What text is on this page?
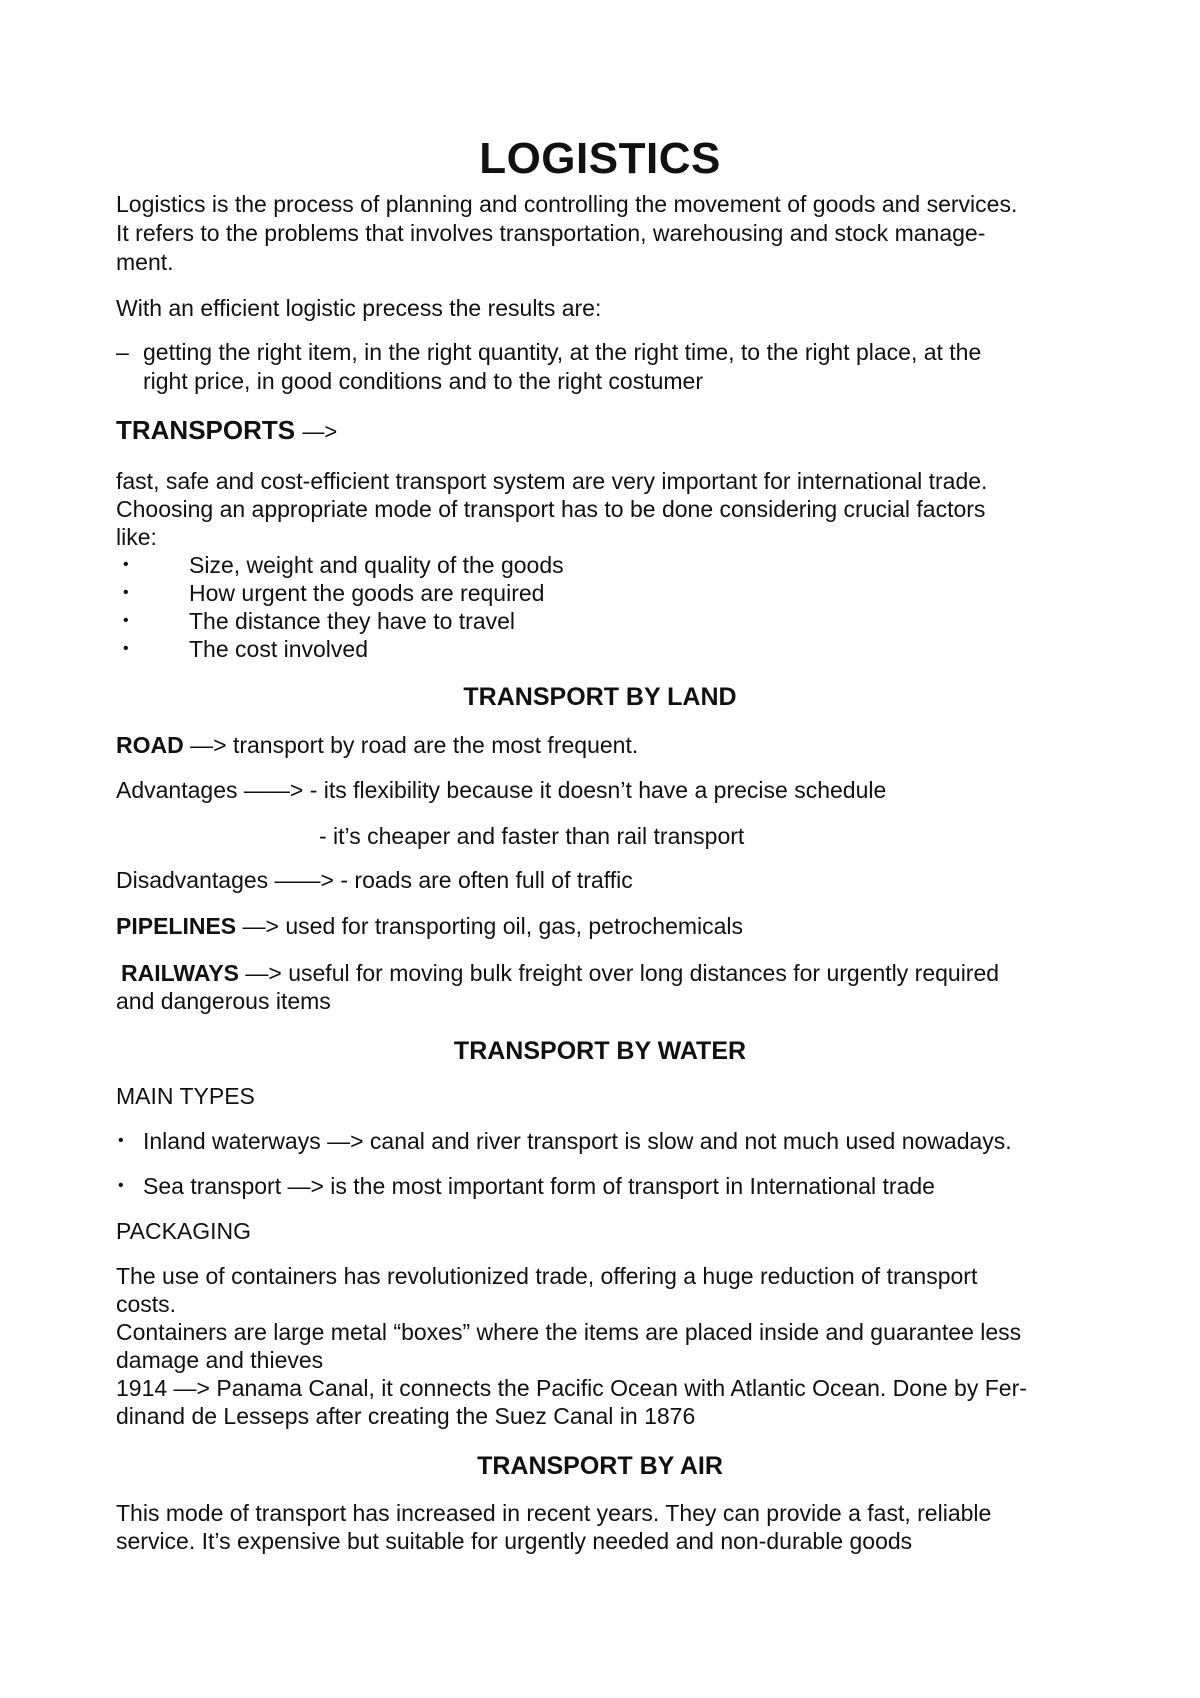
LOGISTICS

Logistics is the process of planning and controlling the movement of goods and services.

It refers to the problems that involves transportation, warehousing and stock manage-

ment.

With an efficient logistic precess the results are:

– getting the right item, in the right quantity, at the right time, to the right place, at the

right price, in good conditions and to the right costumer

TRANSPORTS —>

fast, safe and cost-efficient transport system are very important for international trade.

Choosing an appropriate mode of transport has to be done considering crucial factors

like:

•	Size, weight and quality of the goods

•	How urgent the goods are required

•	The distance they have to travel

•	The cost involved

TRANSPORT BY LAND

ROAD —> transport by road are the most frequent.

Advantages ——> - its flexibility because it doesn’t have a precise schedule

- it’s cheaper and faster than rail transport

Disadvantages ——> - roads are often full of traffic

PIPELINES —> used for transporting oil, gas, petrochemicals

RAILWAYS —> useful for moving bulk freight over long distances for urgently required

and dangerous items

TRANSPORT BY WATER

MAIN TYPES

• Inland waterways —> canal and river transport is slow and not much used nowadays.

• Sea transport —> is the most important form of transport in International trade

PACKAGING

The use of containers has revolutionized trade, offering a huge reduction of transport

costs.

Containers are large metal “boxes” where the items are placed inside and guarantee less

damage and thieves

1914 —> Panama Canal, it connects the Pacific Ocean with Atlantic Ocean. Done by Fer-

dinand de Lesseps after creating the Suez Canal in 1876

TRANSPORT BY AIR

This mode of transport has increased in recent years. They can provide a fast, reliable

service. It’s expensive but suitable for urgently needed and non-durable goods
